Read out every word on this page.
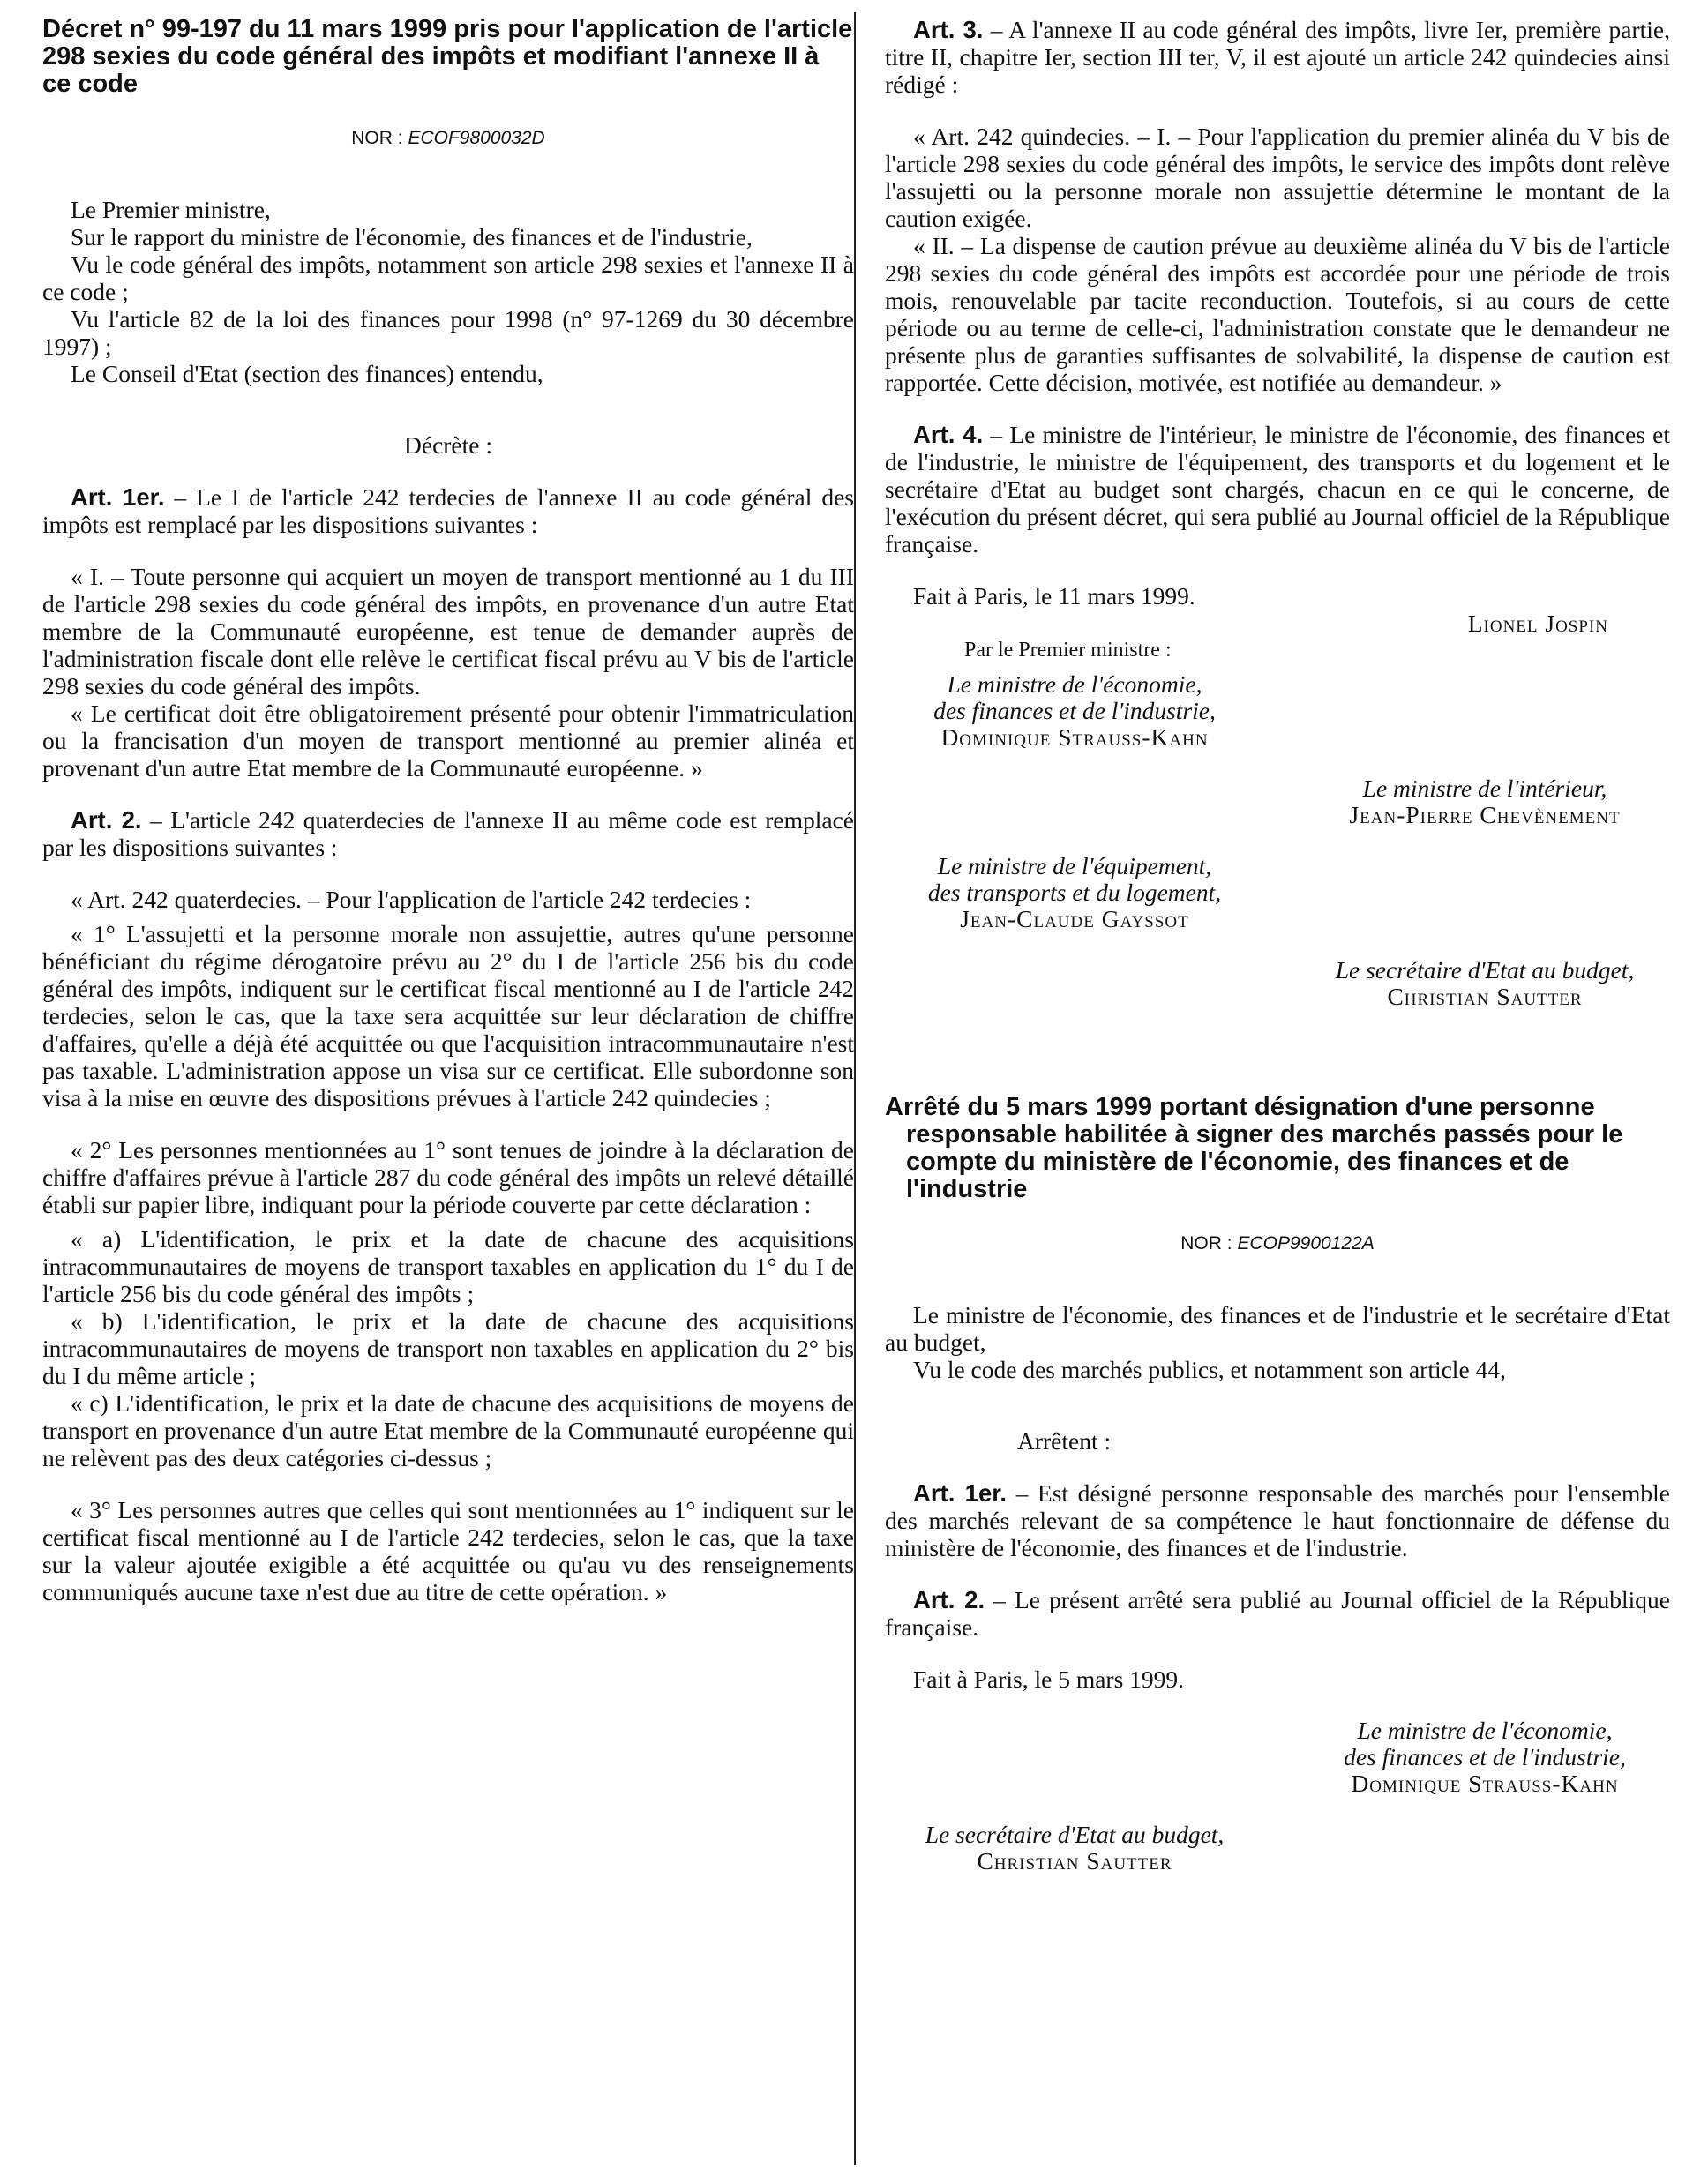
Décret n° 99-197 du 11 mars 1999 pris pour l'application de l'article 298 sexies du code général des impôts et modifiant l'annexe II à ce code

NOR : ECOF9800032D

Le Premier ministre,

Sur le rapport du ministre de l'économie, des finances et de l'industrie,

Vu le code général des impôts, notamment son article 298 sexies et l'annexe II à ce code ;

Vu l'article 82 de la loi des finances pour 1998 (n° 97-1269 du 30 décembre 1997) ;

Le Conseil d'Etat (section des finances) entendu,

Décrète :

Art. 1er. – Le I de l'article 242 terdecies de l'annexe II au code général des impôts est remplacé par les dispositions suivantes :

« I. – Toute personne qui acquiert un moyen de transport mentionné au 1 du III de l'article 298 sexies du code général des impôts, en provenance d'un autre Etat membre de la Communauté européenne, est tenue de demander auprès de l'administration fiscale dont elle relève le certificat fiscal prévu au V bis de l'article 298 sexies du code général des impôts.

« Le certificat doit être obligatoirement présenté pour obtenir l'immatriculation ou la francisation d'un moyen de transport mentionné au premier alinéa et provenant d'un autre Etat membre de la Communauté européenne. »

Art. 2. – L'article 242 quaterdecies de l'annexe II au même code est remplacé par les dispositions suivantes :

« Art. 242 quaterdecies. – Pour l'application de l'article 242 terdecies :

« 1° L'assujetti et la personne morale non assujettie, autres qu'une personne bénéficiant du régime dérogatoire prévu au 2° du I de l'article 256 bis du code général des impôts, indiquent sur le certificat fiscal mentionné au I de l'article 242 terdecies, selon le cas, que la taxe sera acquittée sur leur déclaration de chiffre d'affaires, qu'elle a déjà été acquittée ou que l'acquisition intracommunautaire n'est pas taxable. L'administration appose un visa sur ce certificat. Elle subordonne son visa à la mise en œuvre des dispositions prévues à l'article 242 quindecies ;

« 2° Les personnes mentionnées au 1° sont tenues de joindre à la déclaration de chiffre d'affaires prévue à l'article 287 du code général des impôts un relevé détaillé établi sur papier libre, indiquant pour la période couverte par cette déclaration :

« a) L'identification, le prix et la date de chacune des acquisitions intracommunautaires de moyens de transport taxables en application du 1° du I de l'article 256 bis du code général des impôts ;

« b) L'identification, le prix et la date de chacune des acquisitions intracommunautaires de moyens de transport non taxables en application du 2° bis du I du même article ;

« c) L'identification, le prix et la date de chacune des acquisitions de moyens de transport en provenance d'un autre Etat membre de la Communauté européenne qui ne relèvent pas des deux catégories ci-dessus ;

« 3° Les personnes autres que celles qui sont mentionnées au 1° indiquent sur le certificat fiscal mentionné au I de l'article 242 terdecies, selon le cas, que la taxe sur la valeur ajoutée exigible a été acquittée ou qu'au vu des renseignements communiqués aucune taxe n'est due au titre de cette opération. »

Art. 3. – A l'annexe II au code général des impôts, livre Ier, première partie, titre II, chapitre Ier, section III ter, V, il est ajouté un article 242 quindecies ainsi rédigé :

« Art. 242 quindecies. – I. – Pour l'application du premier alinéa du V bis de l'article 298 sexies du code général des impôts, le service des impôts dont relève l'assujetti ou la personne morale non assujettie détermine le montant de la caution exigée.

« II. – La dispense de caution prévue au deuxième alinéa du V bis de l'article 298 sexies du code général des impôts est accordée pour une période de trois mois, renouvelable par tacite reconduction. Toutefois, si au cours de cette période ou au terme de celle-ci, l'administration constate que le demandeur ne présente plus de garanties suffisantes de solvabilité, la dispense de caution est rapportée. Cette décision, motivée, est notifiée au demandeur. »

Art. 4. – Le ministre de l'intérieur, le ministre de l'économie, des finances et de l'industrie, le ministre de l'équipement, des transports et du logement et le secrétaire d'Etat au budget sont chargés, chacun en ce qui le concerne, de l'exécution du présent décret, qui sera publié au Journal officiel de la République française.

Fait à Paris, le 11 mars 1999.

Lionel Jospin

Par le Premier ministre :

Le ministre de l'économie,

des finances et de l'industrie,

Dominique Strauss-Kahn

Le ministre de l'intérieur,

Jean-Pierre Chevènement

Le ministre de l'équipement,

des transports et du logement,

Jean-Claude Gayssot

Le secrétaire d'Etat au budget,

Christian Sautter

Arrêté du 5 mars 1999 portant désignation d'une personne responsable habilitée à signer des marchés passés pour le compte du ministère de l'économie, des finances et de l'industrie

NOR : ECOP9900122A

Le ministre de l'économie, des finances et de l'industrie et le secrétaire d'Etat au budget,

Vu le code des marchés publics, et notamment son article 44,

Arrêtent :

Art. 1er. – Est désigné personne responsable des marchés pour l'ensemble des marchés relevant de sa compétence le haut fonctionnaire de défense du ministère de l'économie, des finances et de l'industrie.

Art. 2. – Le présent arrêté sera publié au Journal officiel de la République française.

Fait à Paris, le 5 mars 1999.

Le ministre de l'économie,

des finances et de l'industrie,

Dominique Strauss-Kahn

Le secrétaire d'Etat au budget,

Christian Sautter
